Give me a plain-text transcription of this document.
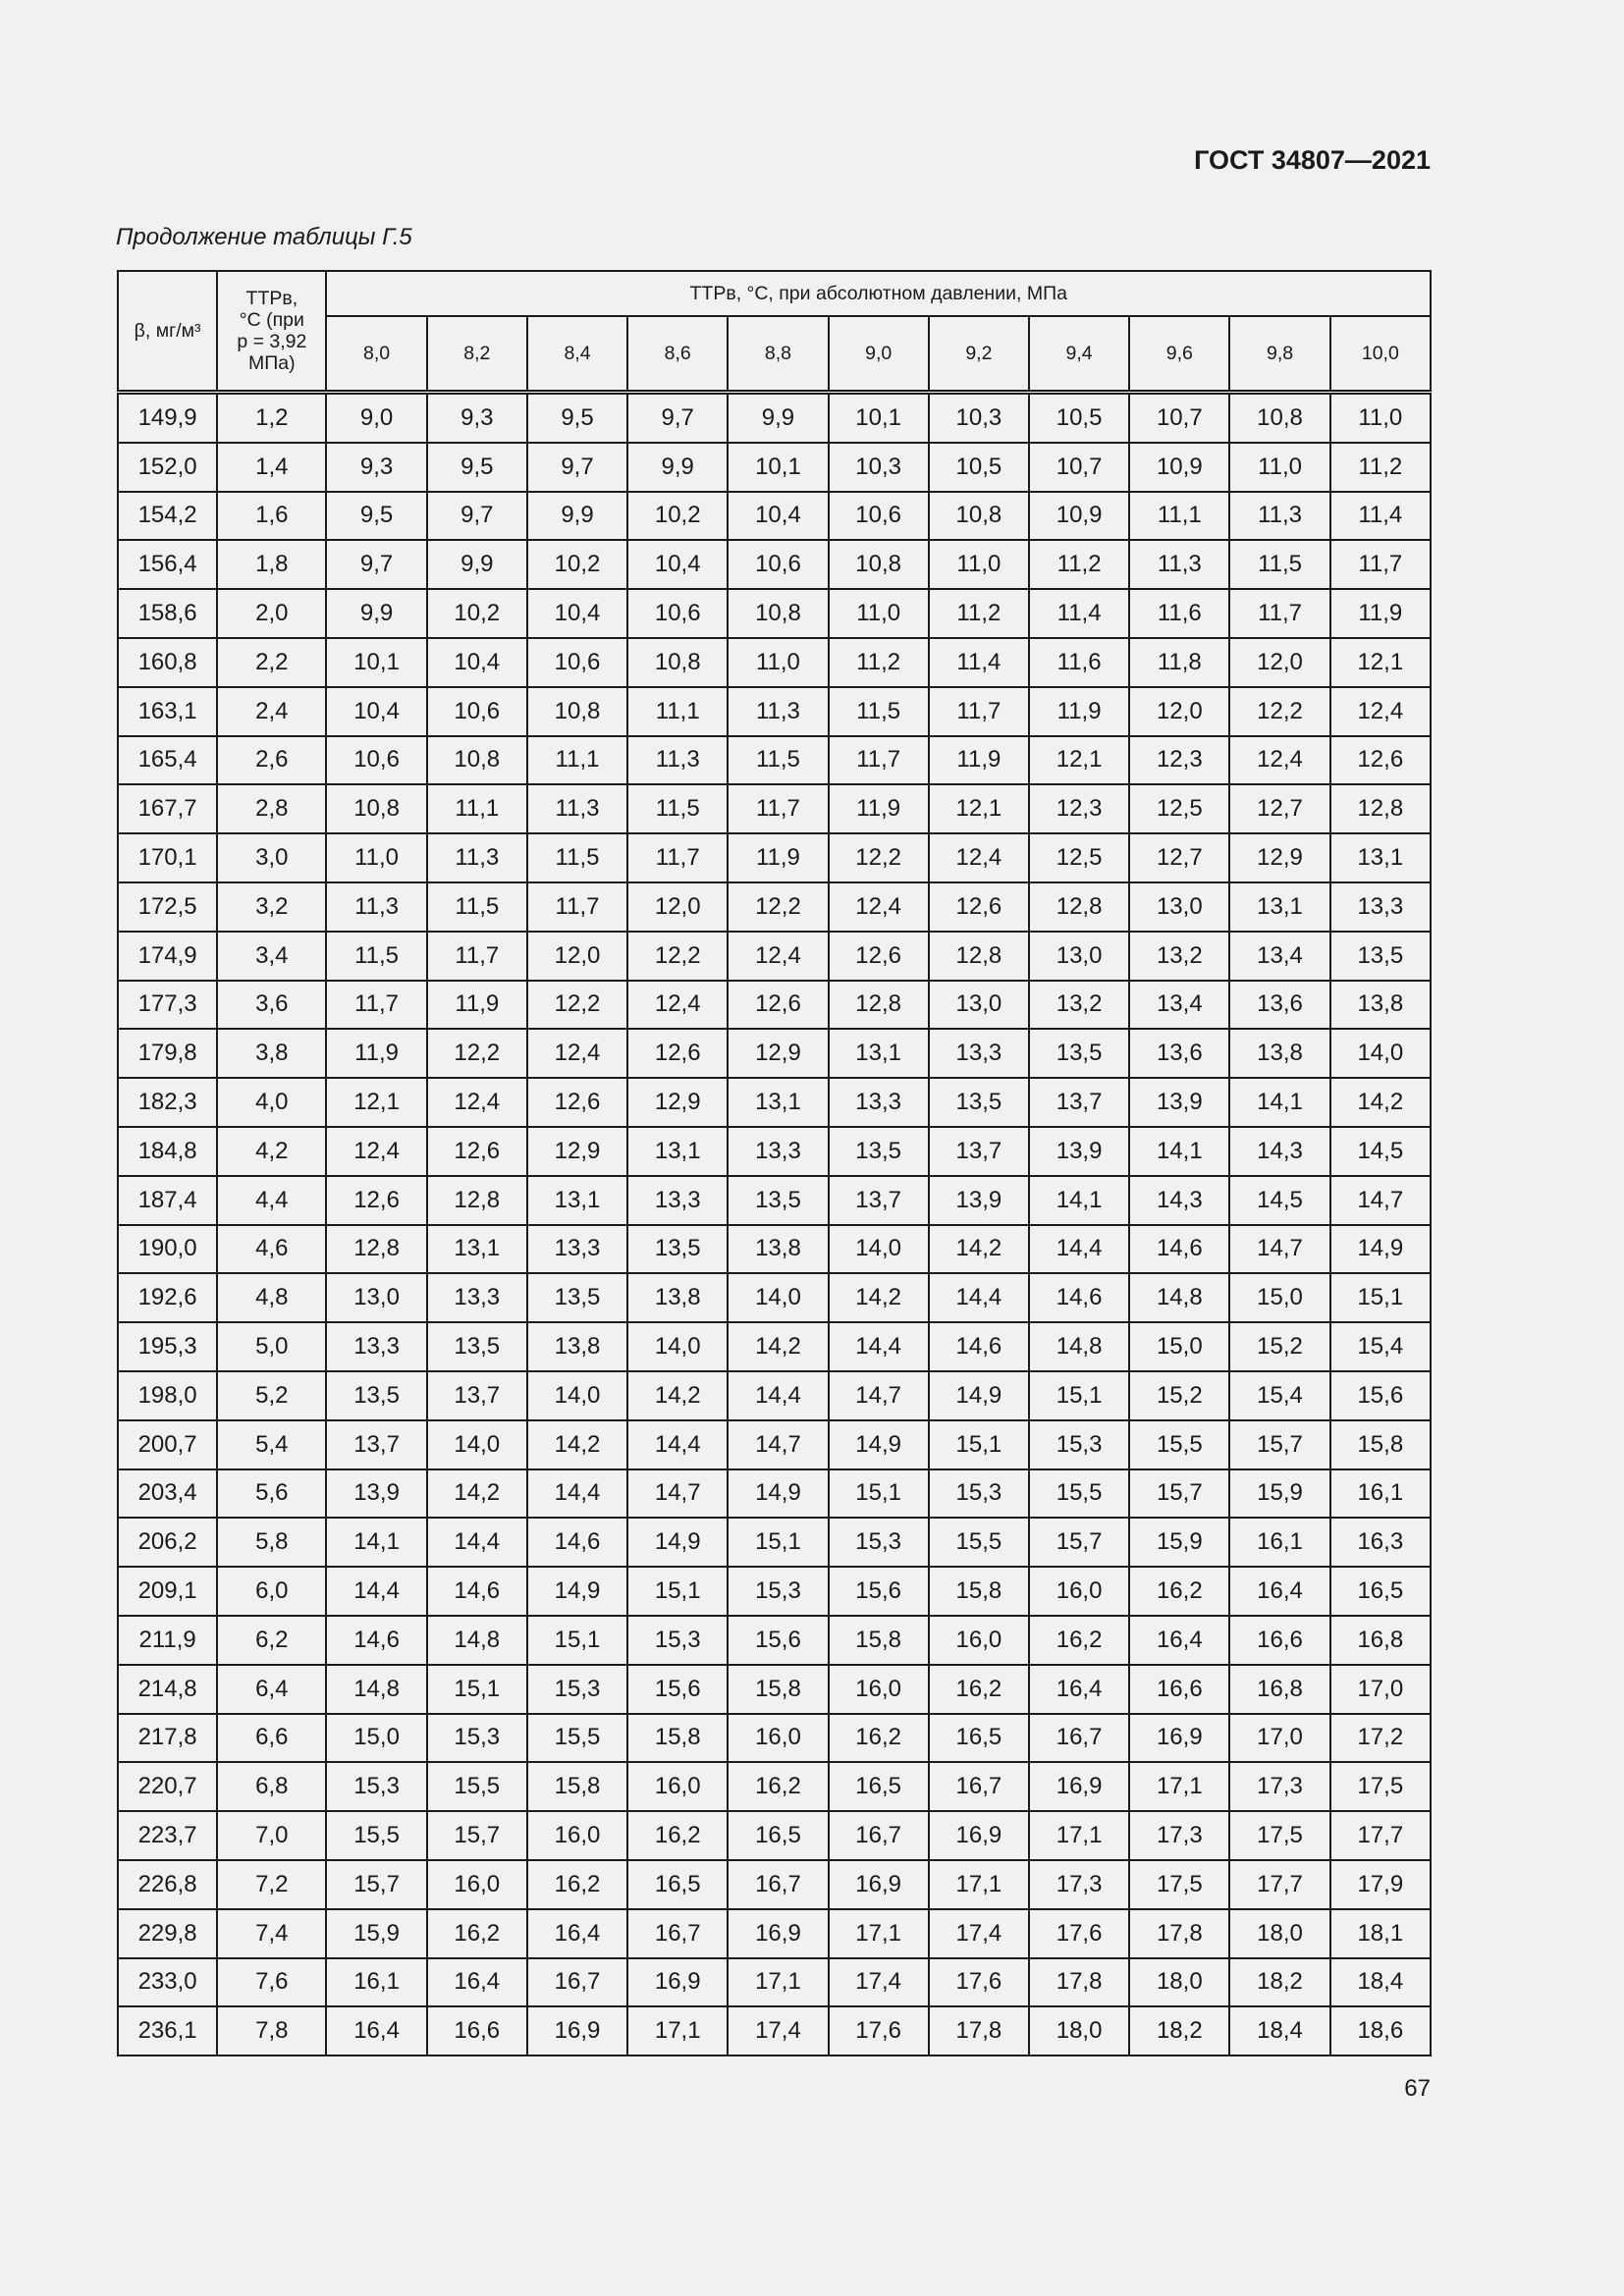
ГОСТ 34807—2021
Продолжение таблицы Г.5
β, мг/м³	ТТРв,
°С (при
р = 3,92
МПа)	ТТРв, °С, при абсолютном давлении, МПа										
		8,0	8,2	8,4	8,6	8,8	9,0	9,2	9,4	9,6	9,8	10,0
149,9	1,2	9,0	9,3	9,5	9,7	9,9	10,1	10,3	10,5	10,7	10,8	11,0
152,0	1,4	9,3	9,5	9,7	9,9	10,1	10,3	10,5	10,7	10,9	11,0	11,2
154,2	1,6	9,5	9,7	9,9	10,2	10,4	10,6	10,8	10,9	11,1	11,3	11,4
156,4	1,8	9,7	9,9	10,2	10,4	10,6	10,8	11,0	11,2	11,3	11,5	11,7
158,6	2,0	9,9	10,2	10,4	10,6	10,8	11,0	11,2	11,4	11,6	11,7	11,9
160,8	2,2	10,1	10,4	10,6	10,8	11,0	11,2	11,4	11,6	11,8	12,0	12,1
163,1	2,4	10,4	10,6	10,8	11,1	11,3	11,5	11,7	11,9	12,0	12,2	12,4
165,4	2,6	10,6	10,8	11,1	11,3	11,5	11,7	11,9	12,1	12,3	12,4	12,6
167,7	2,8	10,8	11,1	11,3	11,5	11,7	11,9	12,1	12,3	12,5	12,7	12,8
170,1	3,0	11,0	11,3	11,5	11,7	11,9	12,2	12,4	12,5	12,7	12,9	13,1
172,5	3,2	11,3	11,5	11,7	12,0	12,2	12,4	12,6	12,8	13,0	13,1	13,3
174,9	3,4	11,5	11,7	12,0	12,2	12,4	12,6	12,8	13,0	13,2	13,4	13,5
177,3	3,6	11,7	11,9	12,2	12,4	12,6	12,8	13,0	13,2	13,4	13,6	13,8
179,8	3,8	11,9	12,2	12,4	12,6	12,9	13,1	13,3	13,5	13,6	13,8	14,0
182,3	4,0	12,1	12,4	12,6	12,9	13,1	13,3	13,5	13,7	13,9	14,1	14,2
184,8	4,2	12,4	12,6	12,9	13,1	13,3	13,5	13,7	13,9	14,1	14,3	14,5
187,4	4,4	12,6	12,8	13,1	13,3	13,5	13,7	13,9	14,1	14,3	14,5	14,7
190,0	4,6	12,8	13,1	13,3	13,5	13,8	14,0	14,2	14,4	14,6	14,7	14,9
192,6	4,8	13,0	13,3	13,5	13,8	14,0	14,2	14,4	14,6	14,8	15,0	15,1
195,3	5,0	13,3	13,5	13,8	14,0	14,2	14,4	14,6	14,8	15,0	15,2	15,4
198,0	5,2	13,5	13,7	14,0	14,2	14,4	14,7	14,9	15,1	15,2	15,4	15,6
200,7	5,4	13,7	14,0	14,2	14,4	14,7	14,9	15,1	15,3	15,5	15,7	15,8
203,4	5,6	13,9	14,2	14,4	14,7	14,9	15,1	15,3	15,5	15,7	15,9	16,1
206,2	5,8	14,1	14,4	14,6	14,9	15,1	15,3	15,5	15,7	15,9	16,1	16,3
209,1	6,0	14,4	14,6	14,9	15,1	15,3	15,6	15,8	16,0	16,2	16,4	16,5
211,9	6,2	14,6	14,8	15,1	15,3	15,6	15,8	16,0	16,2	16,4	16,6	16,8
214,8	6,4	14,8	15,1	15,3	15,6	15,8	16,0	16,2	16,4	16,6	16,8	17,0
217,8	6,6	15,0	15,3	15,5	15,8	16,0	16,2	16,5	16,7	16,9	17,0	17,2
220,7	6,8	15,3	15,5	15,8	16,0	16,2	16,5	16,7	16,9	17,1	17,3	17,5
223,7	7,0	15,5	15,7	16,0	16,2	16,5	16,7	16,9	17,1	17,3	17,5	17,7
226,8	7,2	15,7	16,0	16,2	16,5	16,7	16,9	17,1	17,3	17,5	17,7	17,9
229,8	7,4	15,9	16,2	16,4	16,7	16,9	17,1	17,4	17,6	17,8	18,0	18,1
233,0	7,6	16,1	16,4	16,7	16,9	17,1	17,4	17,6	17,8	18,0	18,2	18,4
236,1	7,8	16,4	16,6	16,9	17,1	17,4	17,6	17,8	18,0	18,2	18,4	18,6
67
